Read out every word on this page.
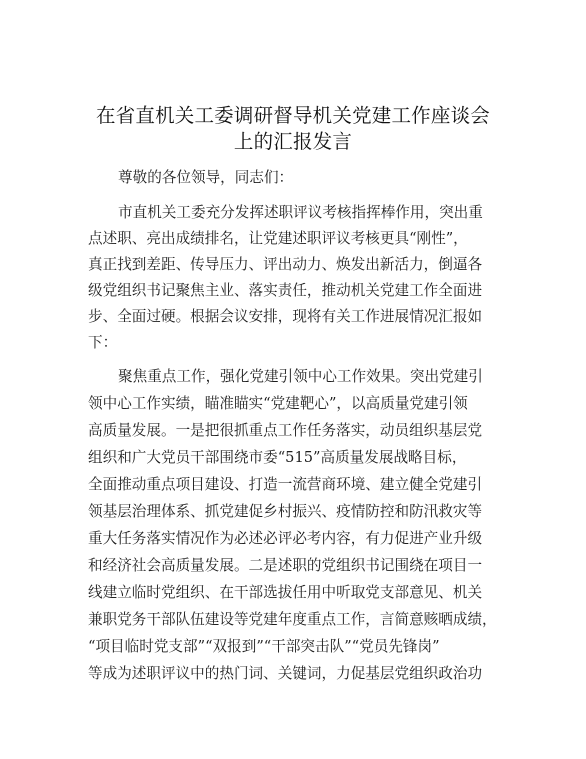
在省直机关工委调研督导机关党建工作座谈会
上的汇报发言
尊敬的各位领导，同志们：
市直机关工委充分发挥述职评议考核指挥棒作用，突出重
点述职、亮出成绩排名，让党建述职评议考核更具“刚性”，
真正找到差距、传导压力、评出动力、焕发出新活力，倒逼各
级党组织书记聚焦主业、落实责任，推动机关党建工作全面进
步、全面过硬。根据会议安排，现将有关工作进展情况汇报如
下：
聚焦重点工作，强化党建引领中心工作效果。突出党建引
领中心工作实绩，瞄准瞄实“党建靶心”，以高质量党建引领
高质量发展。一是把很抓重点工作任务落实，动员组织基层党
组织和广大党员干部围绕市委“515”高质量发展战略目标，
全面推动重点项目建设、打造一流营商环境、建立健全党建引
领基层治理体系、抓党建促乡村振兴、疫情防控和防汛救灾等
重大任务落实情况作为必述必评必考内容，有力促进产业升级
和经济社会高质量发展。二是述职的党组织书记围绕在项目一
线建立临时党组织、在干部选拔任用中听取党支部意见、机关
兼职党务干部队伍建设等党建年度重点工作，言简意赅晒成绩，
“项目临时党支部”“双报到”“干部突击队”“党员先锋岗”
等成为述职评议中的热门词、关键词，力促基层党组织政治功
